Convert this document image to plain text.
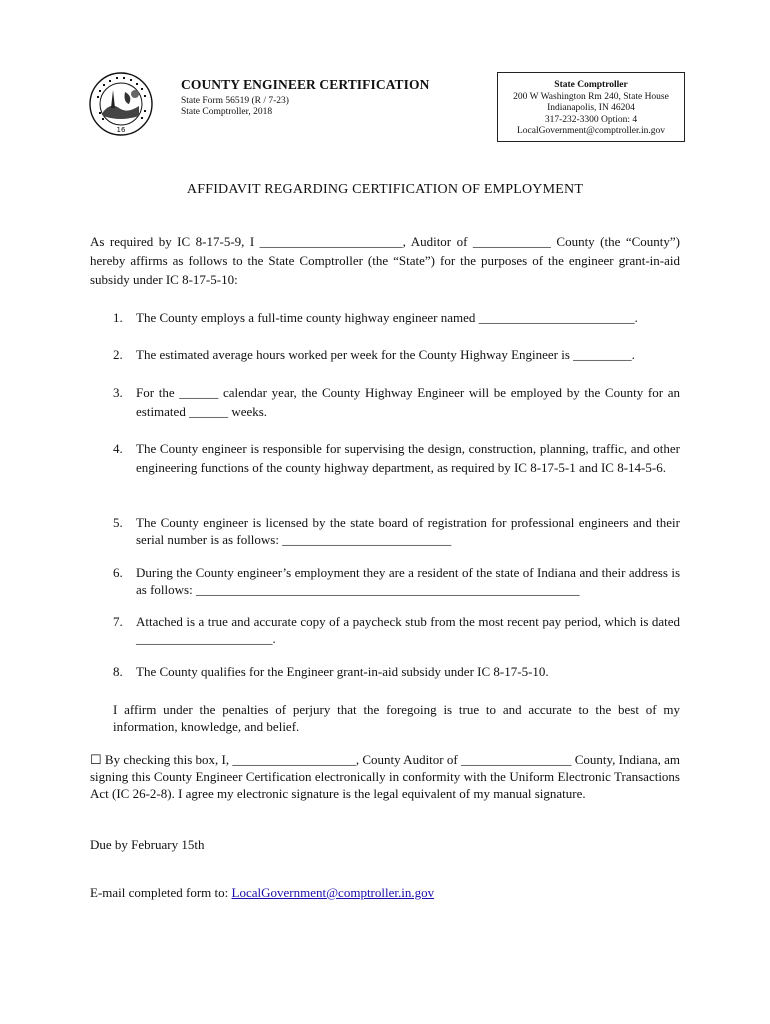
16
COUNTY ENGINEER CERTIFICATION
State Form 56519 (R / 7-23)
State Comptroller, 2018
State Comptroller
200 W Washington Rm 240, State House
Indianapolis, IN 46204
317-232-3300 Option: 4
LocalGovernment@comptroller.in.gov
AFFIDAVIT REGARDING CERTIFICATION OF EMPLOYMENT
As required by IC 8-17-5-9, I ______________________, Auditor of ____________ County (the “County”) hereby affirms as follows to the State Comptroller (the “State”) for the purposes of the engineer grant-in-aid subsidy under IC 8-17-5-10:
1. The County employs a full-time county highway engineer named ________________________.
2. The estimated average hours worked per week for the County Highway Engineer is _________.
3. For the ______ calendar year, the County Highway Engineer will be employed by the County for an estimated ______ weeks.
4. The County engineer is responsible for supervising the design, construction, planning, traffic, and other engineering functions of the county highway department, as required by IC 8-17-5-1 and IC 8-14-5-6.
5. The County engineer is licensed by the state board of registration for professional engineers and their serial number is as follows: __________________________
6. During the County engineer’s employment they are a resident of the state of Indiana and their address is as follows: ___________________________________________________________
7. Attached is a true and accurate copy of a paycheck stub from the most recent pay period, which is dated _____________________.
8. The County qualifies for the Engineer grant-in-aid subsidy under IC 8-17-5-10.
I affirm under the penalties of perjury that the foregoing is true to and accurate to the best of my information, knowledge, and belief.
☐ By checking this box, I, ___________________, County Auditor of _________________ County, Indiana, am signing this County Engineer Certification electronically in conformity with the Uniform Electronic Transactions Act (IC 26-2-8). I agree my electronic signature is the legal equivalent of my manual signature.
Due by February 15th
E-mail completed form to: LocalGovernment@comptroller.in.gov
